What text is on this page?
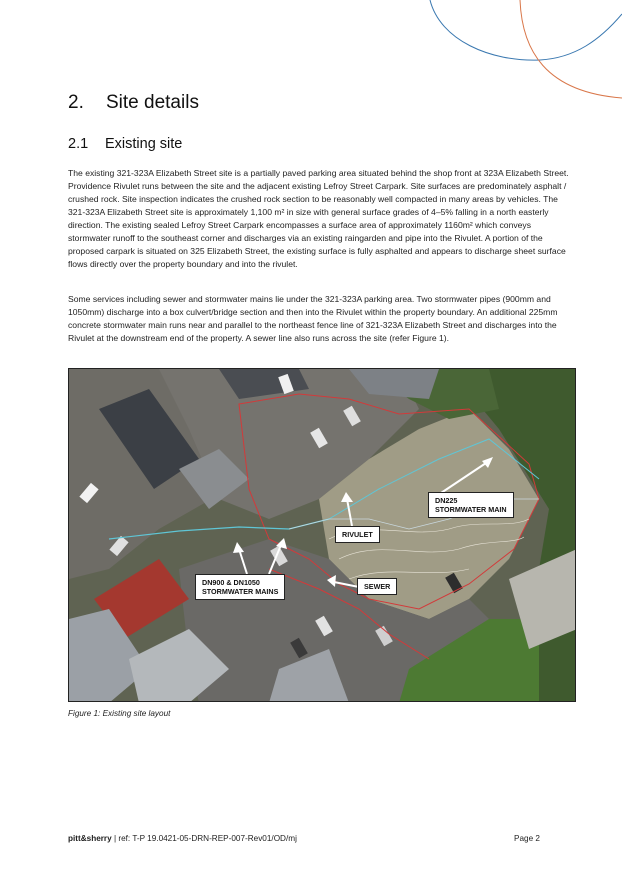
2. Site details
2.1 Existing site

The existing 321-323A Elizabeth Street site is a partially paved parking area situated behind the shop front at 323A Elizabeth Street. Providence Rivulet runs between the site and the adjacent existing Lefroy Street Carpark. Site surfaces are predominately asphalt / crushed rock. Site inspection indicates the crushed rock section to be reasonably well compacted in many areas by vehicles. The 321-323A Elizabeth Street site is approximately 1,100 m² in size with general surface grades of 4–5% falling in a north easterly direction. The existing sealed Lefroy Street Carpark encompasses a surface area of approximately 1160m² which conveys stormwater runoff to the southeast corner and discharges via an existing raingarden and pipe into the Rivulet. A portion of the proposed carpark is situated on 325 Elizabeth Street, the existing surface is fully asphalted and appears to discharge sheet surface flows directly over the property boundary and into the rivulet.

Some services including sewer and stormwater mains lie under the 321-323A parking area. Two stormwater pipes (900mm and 1050mm) discharge into a box culvert/bridge section and then into the Rivulet within the property boundary. An additional 225mm concrete stormwater main runs near and parallel to the northeast fence line of 321-323A Elizabeth Street and discharges into the Rivulet at the downstream end of the property. A sewer line also runs across the site (refer Figure 1).

DN225
STORMWATER MAIN
RIVULET
DN900 & DN1050
STORMWATER MAINS
SEWER
Figure 1: Existing site layout
pitt&sherry | ref: T-P 19.0421-05-DRN-REP-007-Rev01/OD/mj	Page 2
